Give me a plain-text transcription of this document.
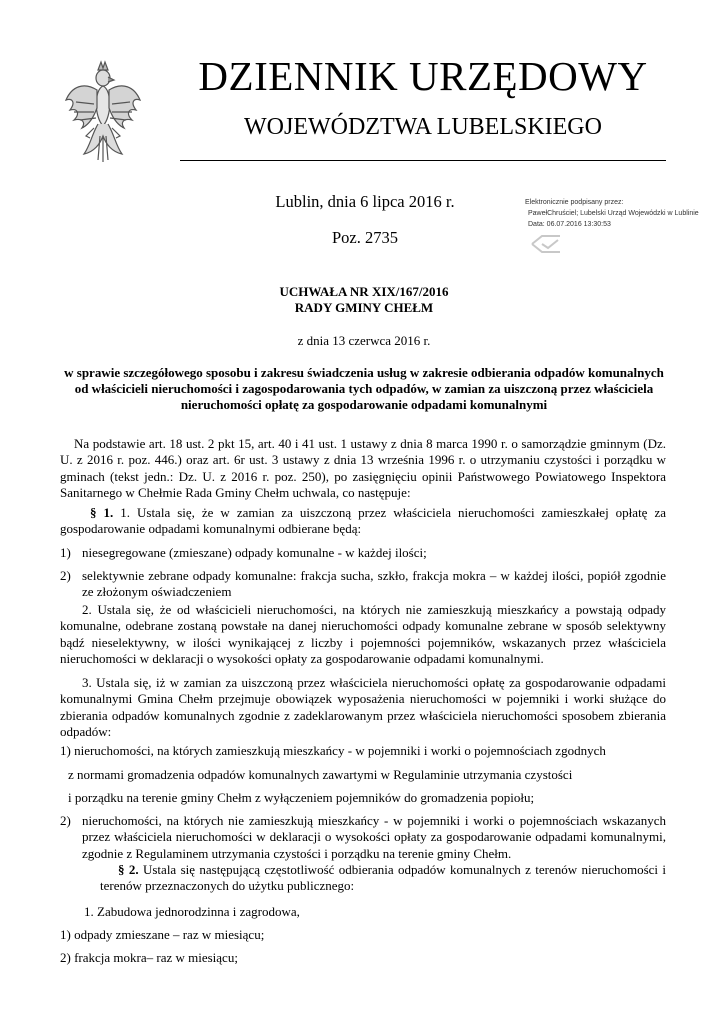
DZIENNIK URZĘDOWY
WOJEWÓDZTWA LUBELSKIEGO
Lublin, dnia 6 lipca 2016 r.
Poz. 2735
Elektronicznie podpisany przez:
PawełChruściel; Lubelski Urząd Wojewódzki w Lublinie
Data: 06.07.2016 13:30:53
UCHWAŁA NR XIX/167/2016
RADY GMINY CHEŁM
z dnia 13 czerwca 2016 r.
w sprawie szczegółowego sposobu i zakresu świadczenia usług w zakresie odbierania odpadów komunalnych od właścicieli nieruchomości i zagospodarowania tych odpadów, w zamian za uiszczoną przez właściciela nieruchomości opłatę za gospodarowanie odpadami komunalnymi
Na podstawie art. 18 ust. 2 pkt 15, art. 40 i 41 ust. 1 ustawy z dnia 8 marca 1990 r. o samorządzie gminnym (Dz. U. z 2016 r. poz. 446.) oraz art. 6r ust. 3 ustawy z dnia 13 września 1996 r. o utrzymaniu czystości i porządku w gminach (tekst jedn.: Dz. U. z 2016 r. poz. 250), po zasięgnięciu opinii Państwowego Powiatowego Inspektora Sanitarnego w Chełmie Rada Gminy Chełm uchwala, co następuje:
§ 1. 1. Ustala się, że w zamian za uiszczoną przez właściciela nieruchomości zamieszkałej opłatę za gospodarowanie odpadami komunalnymi odbierane będą:
1) niesegregowane (zmieszane) odpady komunalne - w każdej ilości;
2) selektywnie zebrane odpady komunalne: frakcja sucha, szkło, frakcja mokra – w każdej ilości, popiół zgodnie ze złożonym oświadczeniem
2. Ustala się, że od właścicieli nieruchomości, na których nie zamieszkują mieszkańcy a powstają odpady komunalne, odebrane zostaną powstałe na danej nieruchomości odpady komunalne zebrane w sposób selektywny bądź nieselektywny, w ilości wynikającej z liczby i pojemności pojemników, wskazanych przez właściciela nieruchomości w deklaracji o wysokości opłaty za gospodarowanie odpadami komunalnymi.
3. Ustala się, iż w zamian za uiszczoną przez właściciela nieruchomości opłatę za gospodarowanie odpadami komunalnymi Gmina Chełm przejmuje obowiązek wyposażenia nieruchomości w pojemniki i worki służące do zbierania odpadów komunalnych zgodnie z zadeklarowanym przez właściciela nieruchomości sposobem zbierania odpadów:
1) nieruchomości, na których zamieszkują mieszkańcy - w pojemniki i worki o pojemnościach zgodnych
z normami gromadzenia odpadów komunalnych zawartymi w Regulaminie utrzymania czystości
i porządku na terenie gminy Chełm z wyłączeniem pojemników do gromadzenia popiołu;
2) nieruchomości, na których nie zamieszkują mieszkańcy - w pojemniki i worki o pojemnościach wskazanych przez właściciela nieruchomości w deklaracji o wysokości opłaty za gospodarowanie odpadami komunalnymi, zgodnie z Regulaminem utrzymania czystości i porządku na terenie gminy Chełm.
§ 2. Ustala się następującą częstotliwość odbierania odpadów komunalnych z terenów nieruchomości i terenów przeznaczonych do użytku publicznego:
1. Zabudowa jednorodzinna i zagrodowa,
1) odpady zmieszane – raz w miesiącu;
2) frakcja mokra– raz w miesiącu;
